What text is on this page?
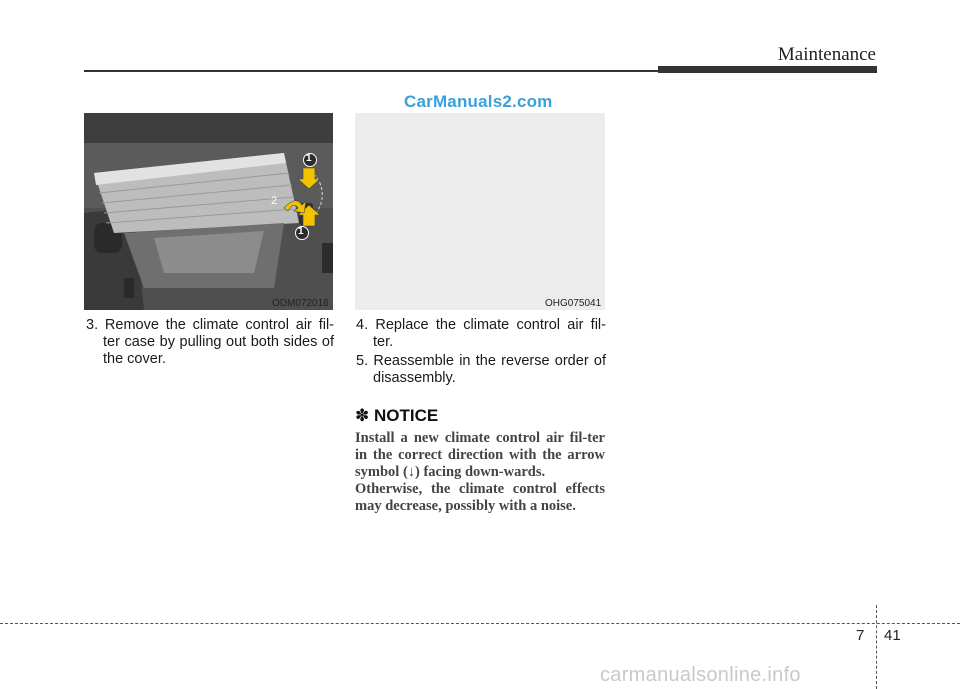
Maintenance
CarManuals2.com
1
2
1
ODM072016	OHG075041
3. Remove the climate control air fil-ter case by pulling out both sides of the cover.
4. Replace the climate control air fil-ter.
5. Reassemble in the reverse order of disassembly.
✽ NOTICE

Install a new climate control air fil-ter in the correct direction with the arrow symbol (↓) facing down-wards.

Otherwise, the climate control effects may decrease, possibly with a noise.

7 41
carmanualsonline.info
